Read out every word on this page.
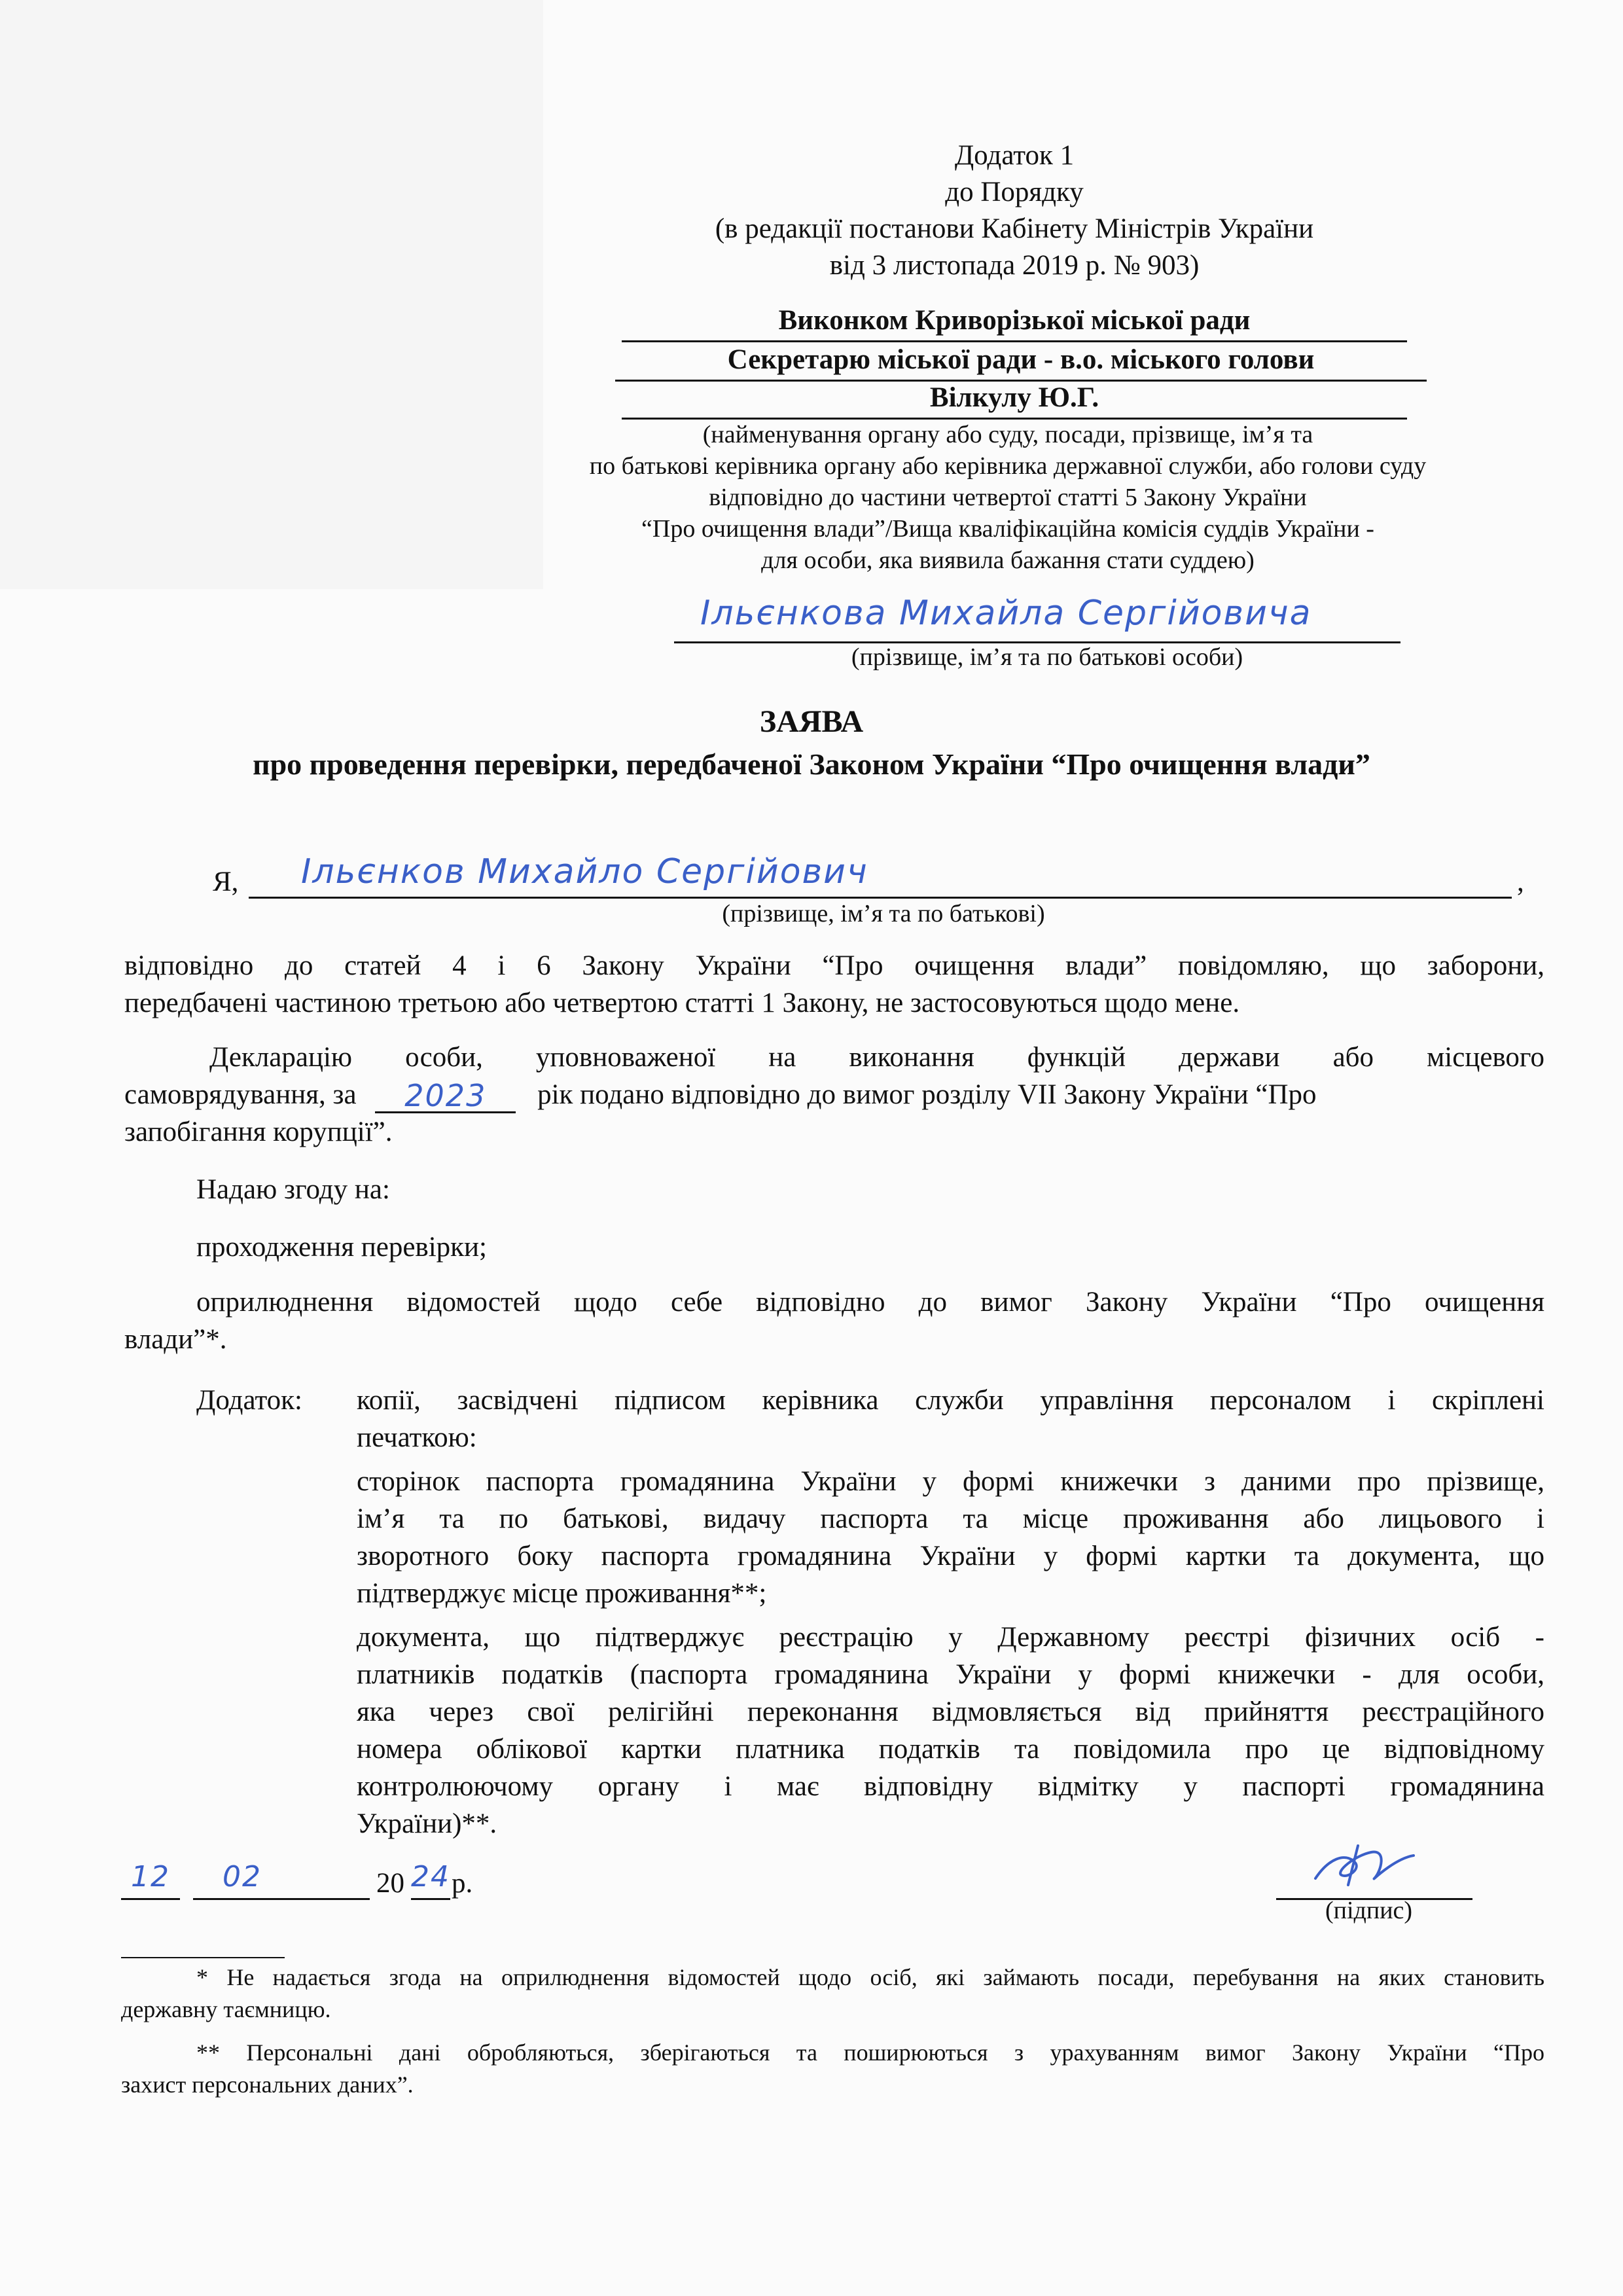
Додаток 1
до Порядку
(в редакції постанови Кабінету Міністрів України
від 3 листопада 2019 р. № 903)
Виконком Криворізької міської ради
Секретарю міської ради - в.о. міського голови
Вілкулу Ю.Г.
(найменування органу або суду, посади, прізвище, ім’я та
по батькові керівника органу або керівника державної служби, або голови суду
відповідно до частини четвертої статті 5 Закону України
“Про очищення влади”/Вища кваліфікаційна комісія суддів України -
для особи, яка виявила бажання стати суддею)
Ільєнкова Михайла Сергійовича
(прізвище, ім’я та по батькові особи)
ЗАЯВА
про проведення перевірки, передбаченої Законом України “Про очищення влади”
Я, Ільєнков Михайло Сергійович	,
(прізвище, ім’я та по батькові)
відповідно до статей 4 і 6 Закону України “Про очищення влади” повідомляю, що заборони,
передбачені частиною третьою або четвертою статті 1 Закону, не застосовуються щодо мене.
Декларацію особи, уповноваженої на виконання функцій держави або місцевого
самоврядування, за 2023 рік подано відповідно до вимог розділу VII Закону України “Про
запобігання корупції”.
Надаю згоду на:
проходження перевірки;
оприлюднення відомостей щодо себе відповідно до вимог Закону України “Про очищення
влади”*.
Додаток: копії, засвідчені підписом керівника служби управління персоналом і скріплені
печаткою:
сторінок паспорта громадянина України у формі книжечки з даними про прізвище,
ім’я та по батькові, видачу паспорта та місце проживання або лицьового і
зворотного боку паспорта громадянина України у формі картки та документа, що
підтверджує місце проживання**;
документа, що підтверджує реєстрацію у Державному реєстрі фізичних осіб -
платників податків (паспорта громадянина України у формі книжечки - для особи,
яка через свої релігійні переконання відмовляється від прийняття реєстраційного
номера облікової картки платника податків та повідомила про це відповідному
контролюючому органу і має відповідну відмітку у паспорті громадянина
України)**.
12	02	20 24 р.
(підпис)
* Не надається згода на оприлюднення відомостей щодо осіб, які займають посади, перебування на яких становить
державну таємницю.
** Персональні дані обробляються, зберігаються та поширюються з урахуванням вимог Закону України “Про
захист персональних даних”.
